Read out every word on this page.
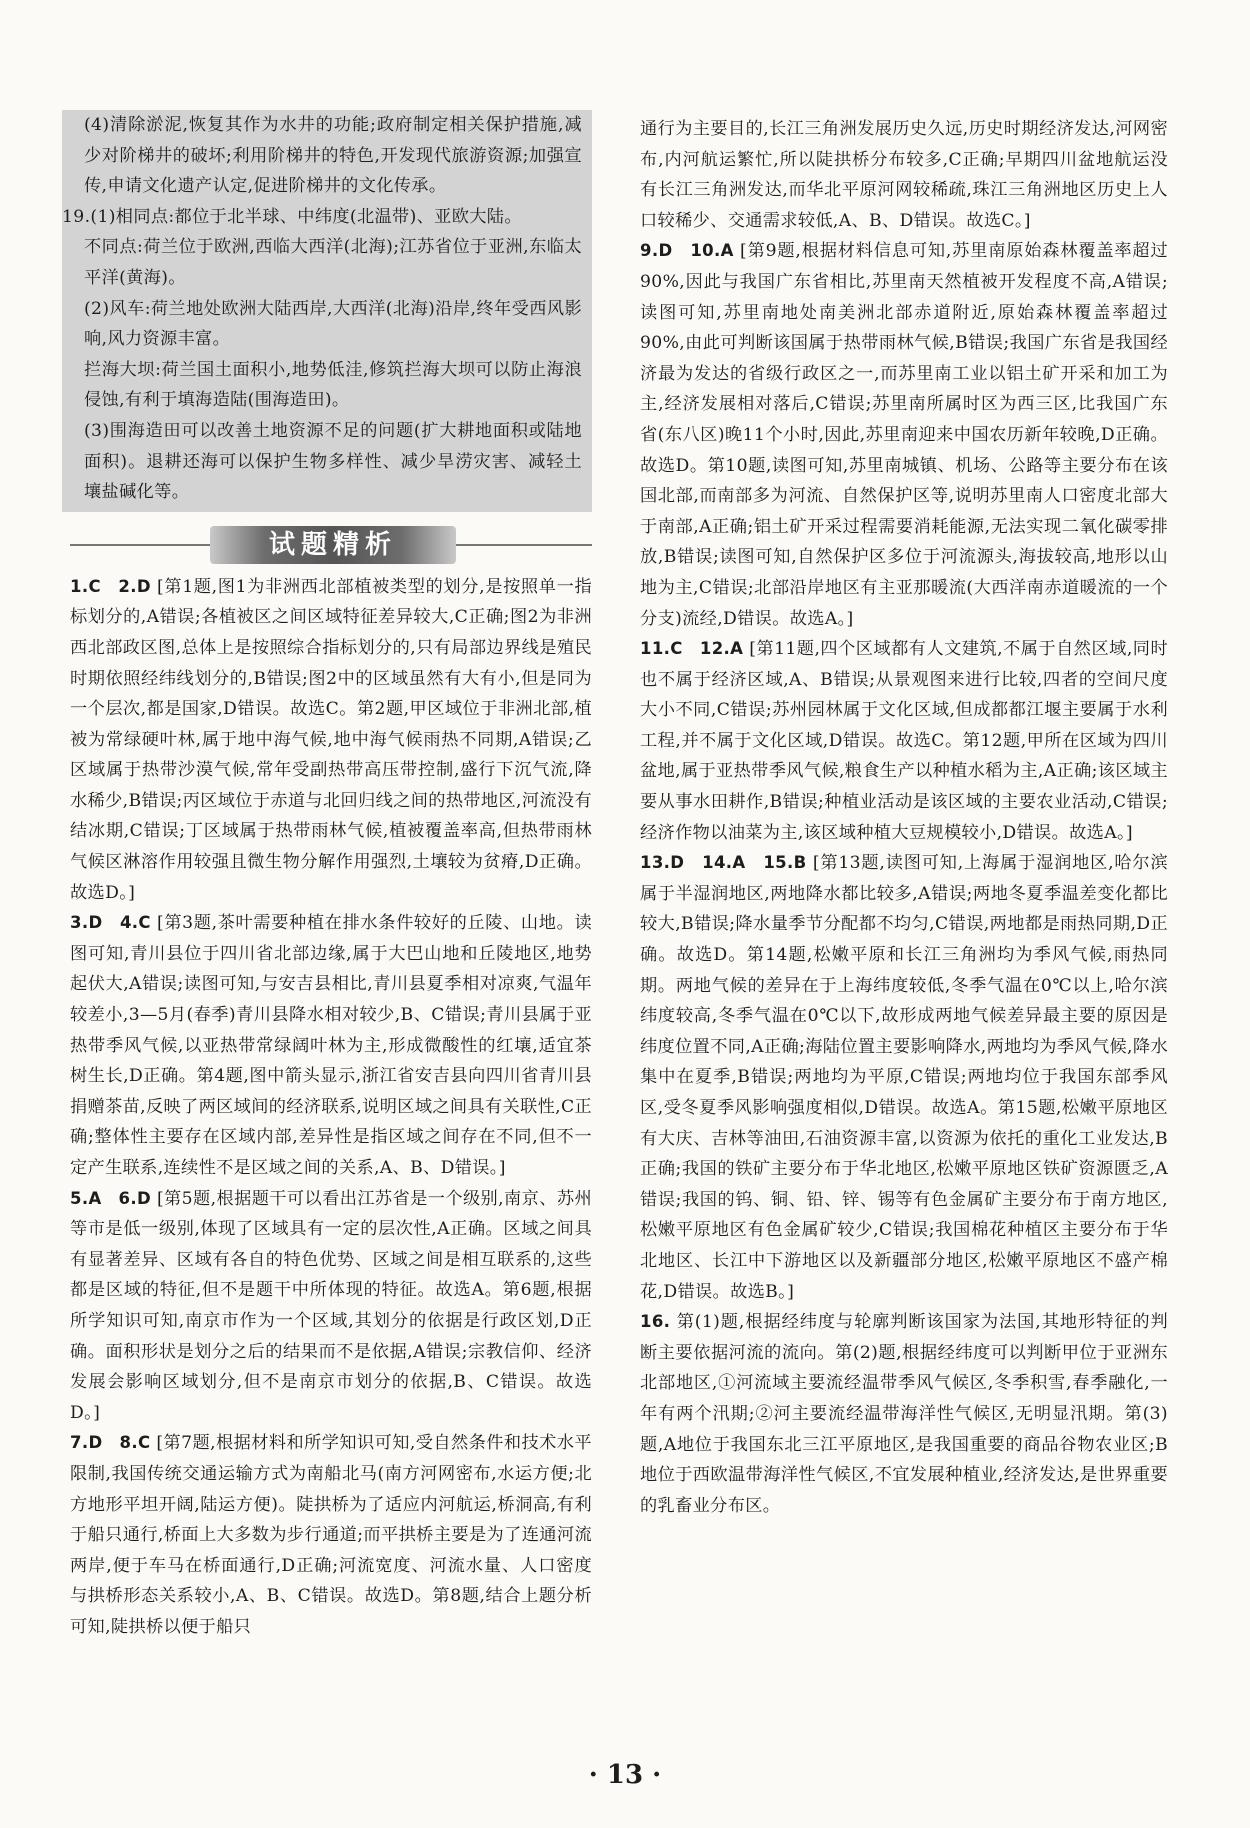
(4)清除淤泥,恢复其作为水井的功能;政府制定相关保护措施,减少对阶梯井的破坏;利用阶梯井的特色,开发现代旅游资源;加强宣传,申请文化遗产认定,促进阶梯井的文化传承。

19.(1)相同点:都位于北半球、中纬度(北温带)、亚欧大陆。

不同点:荷兰位于欧洲,西临大西洋(北海);江苏省位于亚洲,东临太平洋(黄海)。

(2)风车:荷兰地处欧洲大陆西岸,大西洋(北海)沿岸,终年受西风影响,风力资源丰富。

拦海大坝:荷兰国土面积小,地势低洼,修筑拦海大坝可以防止海浪侵蚀,有利于填海造陆(围海造田)。

(3)围海造田可以改善土地资源不足的问题(扩大耕地面积或陆地面积)。退耕还海可以保护生物多样性、减少旱涝灾害、减轻土壤盐碱化等。

试题精析
1.C　2.D [第1题,图1为非洲西北部植被类型的划分,是按照单一指标划分的,A错误;各植被区之间区域特征差异较大,C正确;图2为非洲西北部政区图,总体上是按照综合指标划分的,只有局部边界线是殖民时期依照经纬线划分的,B错误;图2中的区域虽然有大有小,但是同为一个层次,都是国家,D错误。故选C。第2题,甲区域位于非洲北部,植被为常绿硬叶林,属于地中海气候,地中海气候雨热不同期,A错误;乙区域属于热带沙漠气候,常年受副热带高压带控制,盛行下沉气流,降水稀少,B错误;丙区域位于赤道与北回归线之间的热带地区,河流没有结冰期,C错误;丁区域属于热带雨林气候,植被覆盖率高,但热带雨林气候区淋溶作用较强且微生物分解作用强烈,土壤较为贫瘠,D正确。故选D。]
3.D　4.C [第3题,茶叶需要种植在排水条件较好的丘陵、山地。读图可知,青川县位于四川省北部边缘,属于大巴山地和丘陵地区,地势起伏大,A错误;读图可知,与安吉县相比,青川县夏季相对凉爽,气温年较差小,3—5月(春季)青川县降水相对较少,B、C错误;青川县属于亚热带季风气候,以亚热带常绿阔叶林为主,形成微酸性的红壤,适宜茶树生长,D正确。第4题,图中箭头显示,浙江省安吉县向四川省青川县捐赠茶苗,反映了两区域间的经济联系,说明区域之间具有关联性,C正确;整体性主要存在区域内部,差异性是指区域之间存在不同,但不一定产生联系,连续性不是区域之间的关系,A、B、D错误。]
5.A　6.D [第5题,根据题干可以看出江苏省是一个级别,南京、苏州等市是低一级别,体现了区域具有一定的层次性,A正确。区域之间具有显著差异、区域有各自的特色优势、区域之间是相互联系的,这些都是区域的特征,但不是题干中所体现的特征。故选A。第6题,根据所学知识可知,南京市作为一个区域,其划分的依据是行政区划,D正确。面积形状是划分之后的结果而不是依据,A错误;宗教信仰、经济发展会影响区域划分,但不是南京市划分的依据,B、C错误。故选D。]
7.D　8.C [第7题,根据材料和所学知识可知,受自然条件和技术水平限制,我国传统交通运输方式为南船北马(南方河网密布,水运方便;北方地形平坦开阔,陆运方便)。陡拱桥为了适应内河航运,桥洞高,有利于船只通行,桥面上大多数为步行通道;而平拱桥主要是为了连通河流两岸,便于车马在桥面通行,D正确;河流宽度、河流水量、人口密度与拱桥形态关系较小,A、B、C错误。故选D。第8题,结合上题分析可知,陡拱桥以便于船只
通行为主要目的,长江三角洲发展历史久远,历史时期经济发达,河网密布,内河航运繁忙,所以陡拱桥分布较多,C正确;早期四川盆地航运没有长江三角洲发达,而华北平原河网较稀疏,珠江三角洲地区历史上人口较稀少、交通需求较低,A、B、D错误。故选C。]
9.D　10.A [第9题,根据材料信息可知,苏里南原始森林覆盖率超过90%,因此与我国广东省相比,苏里南天然植被开发程度不高,A错误;读图可知,苏里南地处南美洲北部赤道附近,原始森林覆盖率超过90%,由此可判断该国属于热带雨林气候,B错误;我国广东省是我国经济最为发达的省级行政区之一,而苏里南工业以铝土矿开采和加工为主,经济发展相对落后,C错误;苏里南所属时区为西三区,比我国广东省(东八区)晚11个小时,因此,苏里南迎来中国农历新年较晚,D正确。故选D。第10题,读图可知,苏里南城镇、机场、公路等主要分布在该国北部,而南部多为河流、自然保护区等,说明苏里南人口密度北部大于南部,A正确;铝土矿开采过程需要消耗能源,无法实现二氧化碳零排放,B错误;读图可知,自然保护区多位于河流源头,海拔较高,地形以山地为主,C错误;北部沿岸地区有主亚那暖流(大西洋南赤道暖流的一个分支)流经,D错误。故选A。]
11.C　12.A [第11题,四个区域都有人文建筑,不属于自然区域,同时也不属于经济区域,A、B错误;从景观图来进行比较,四者的空间尺度大小不同,C错误;苏州园林属于文化区域,但成都都江堰主要属于水利工程,并不属于文化区域,D错误。故选C。第12题,甲所在区域为四川盆地,属于亚热带季风气候,粮食生产以种植水稻为主,A正确;该区域主要从事水田耕作,B错误;种植业活动是该区域的主要农业活动,C错误;经济作物以油菜为主,该区域种植大豆规模较小,D错误。故选A。]
13.D　14.A　15.B [第13题,读图可知,上海属于湿润地区,哈尔滨属于半湿润地区,两地降水都比较多,A错误;两地冬夏季温差变化都比较大,B错误;降水量季节分配都不均匀,C错误,两地都是雨热同期,D正确。故选D。第14题,松嫩平原和长江三角洲均为季风气候,雨热同期。两地气候的差异在于上海纬度较低,冬季气温在0℃以上,哈尔滨纬度较高,冬季气温在0℃以下,故形成两地气候差异最主要的原因是纬度位置不同,A正确;海陆位置主要影响降水,两地均为季风气候,降水集中在夏季,B错误;两地均为平原,C错误;两地均位于我国东部季风区,受冬夏季风影响强度相似,D错误。故选A。第15题,松嫩平原地区有大庆、吉林等油田,石油资源丰富,以资源为依托的重化工业发达,B正确;我国的铁矿主要分布于华北地区,松嫩平原地区铁矿资源匮乏,A错误;我国的钨、铜、铅、锌、锡等有色金属矿主要分布于南方地区,松嫩平原地区有色金属矿较少,C错误;我国棉花种植区主要分布于华北地区、长江中下游地区以及新疆部分地区,松嫩平原地区不盛产棉花,D错误。故选B。]
16. 第(1)题,根据经纬度与轮廓判断该国家为法国,其地形特征的判断主要依据河流的流向。第(2)题,根据经纬度可以判断甲位于亚洲东北部地区,①河流域主要流经温带季风气候区,冬季积雪,春季融化,一年有两个汛期;②河主要流经温带海洋性气候区,无明显汛期。第(3)题,A地位于我国东北三江平原地区,是我国重要的商品谷物农业区;B地位于西欧温带海洋性气候区,不宜发展种植业,经济发达,是世界重要的乳畜业分布区。
· 13 ·
